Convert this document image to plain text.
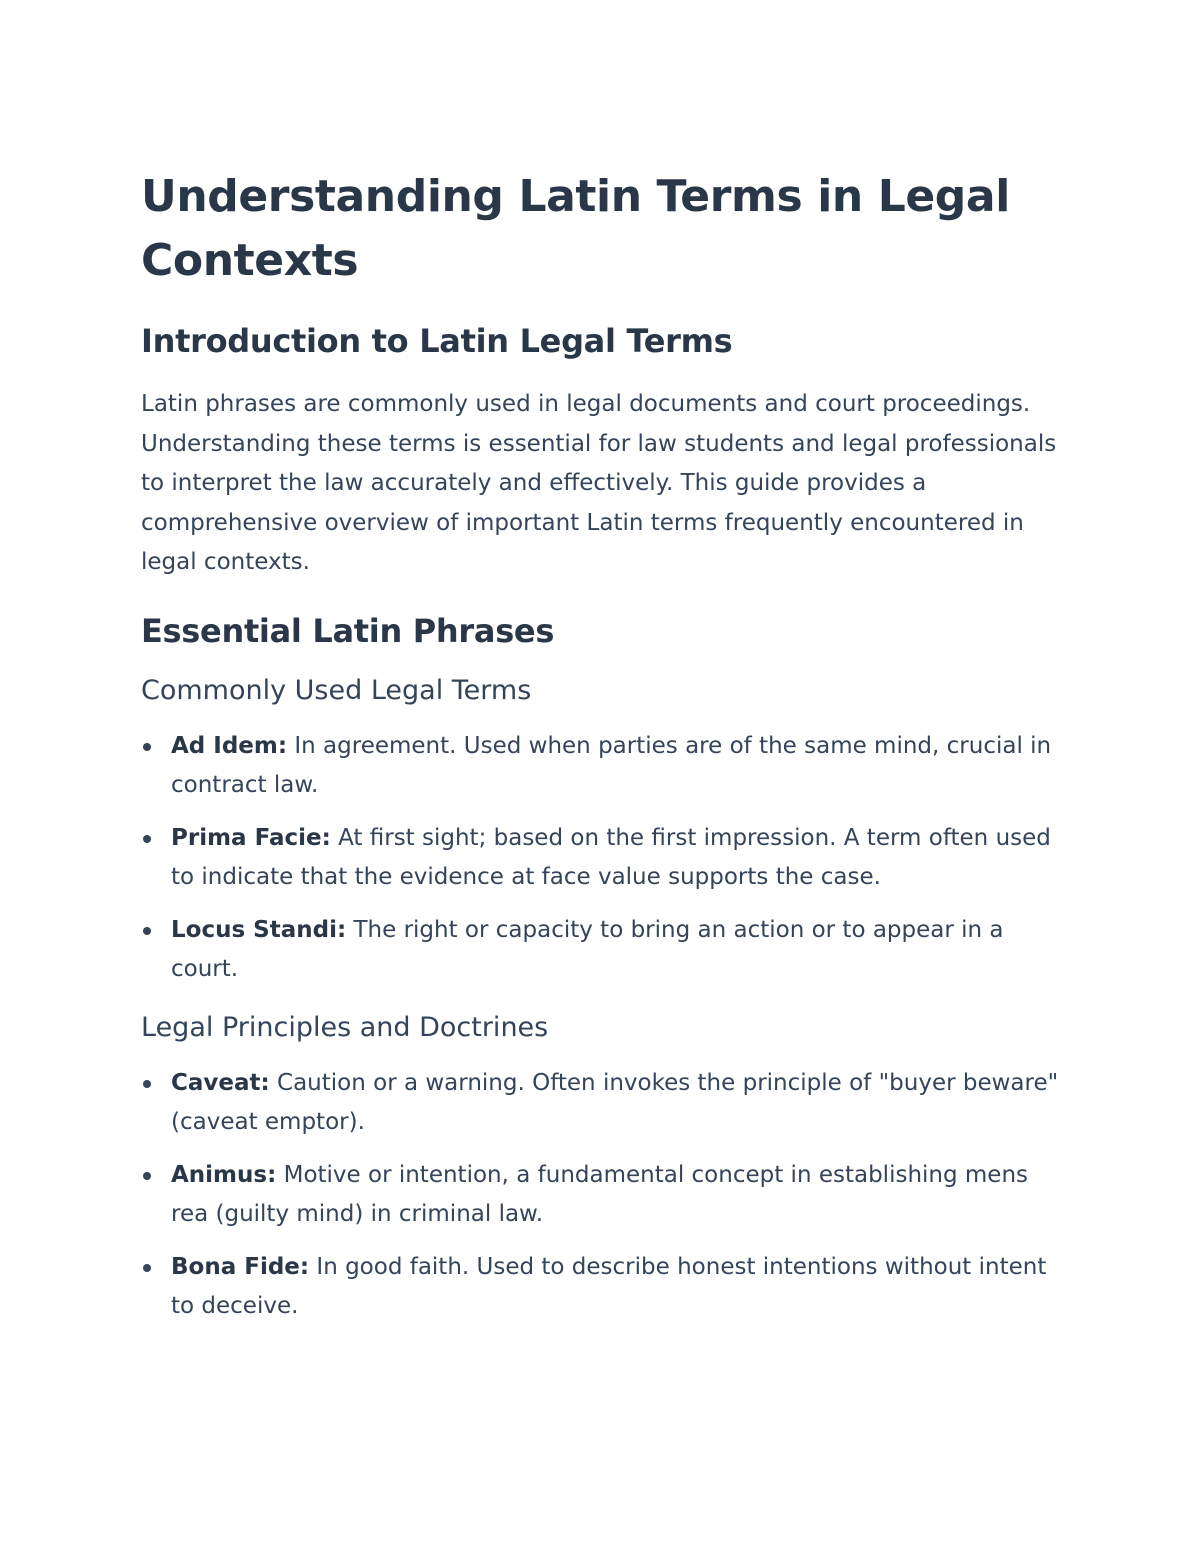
Understanding Latin Terms in Legal Contexts
Introduction to Latin Legal Terms

Latin phrases are commonly used in legal documents and court proceedings. Understanding these terms is essential for law students and legal professionals to interpret the law accurately and effectively. This guide provides a comprehensive overview of important Latin terms frequently encountered in legal contexts.

Essential Latin Phrases
Commonly Used Legal Terms
Ad Idem: In agreement. Used when parties are of the same mind, crucial in contract law.
Prima Facie: At first sight; based on the first impression. A term often used to indicate that the evidence at face value supports the case.
Locus Standi: The right or capacity to bring an action or to appear in a court.
Legal Principles and Doctrines
Caveat: Caution or a warning. Often invokes the principle of "buyer beware" (caveat emptor).
Animus: Motive or intention, a fundamental concept in establishing mens rea (guilty mind) in criminal law.
Bona Fide: In good faith. Used to describe honest intentions without intent to deceive.
